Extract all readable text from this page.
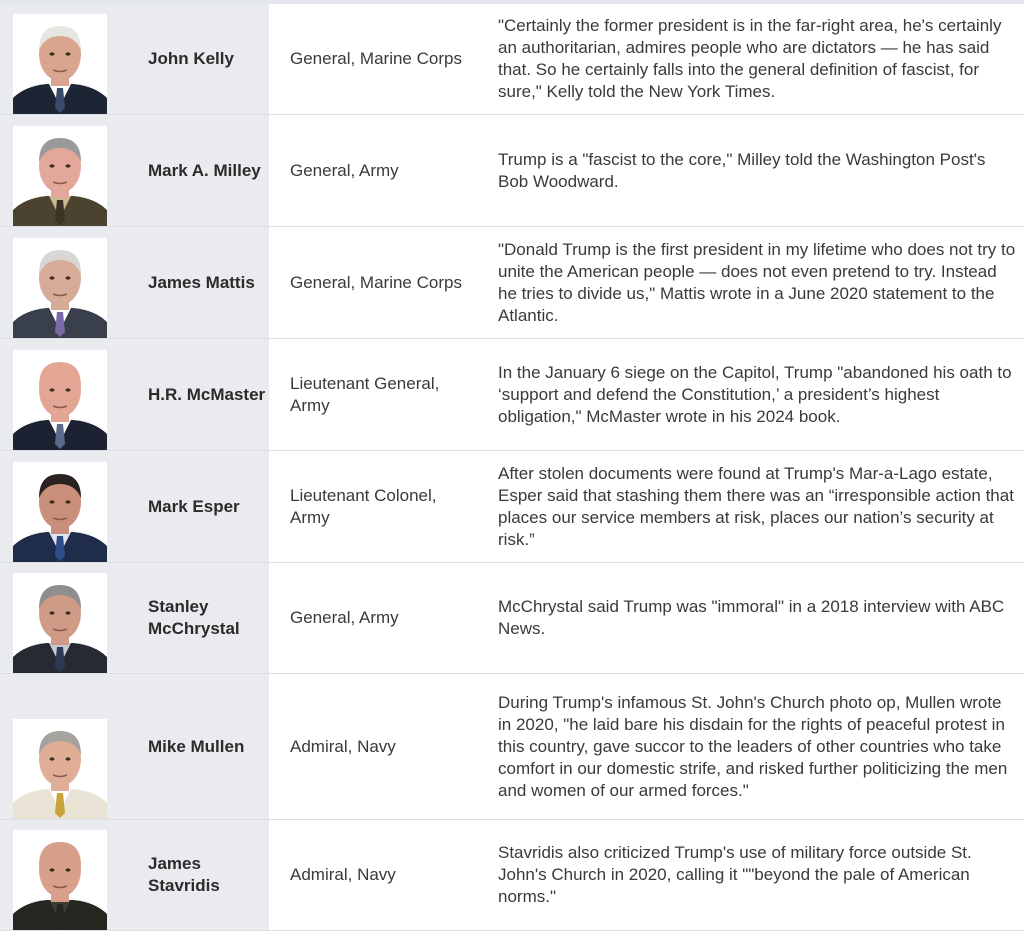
	John Kelly	General, Marine Corps	"Certainly the former president is in the far-right area, he's certainly an authoritarian, admires people who are dictators — he has said that. So he certainly falls into the general definition of fascist, for sure," Kelly told the New York Times.

	Mark A. Milley	General, Army	Trump is a "fascist to the core," Milley told the Washington Post's Bob Woodward.

	James Mattis	General, Marine Corps	"Donald Trump is the first president in my lifetime who does not try to unite the American people — does not even pretend to try. Instead he tries to divide us," Mattis wrote in a June 2020 statement to the Atlantic.

	H.R. McMaster	Lieutenant General, Army	In the January 6 siege on the Capitol, Trump "abandoned his oath to ‘support and defend the Constitution,’ a president’s highest obligation," McMaster wrote in his 2024 book.

	Mark Esper	Lieutenant Colonel, Army	After stolen documents were found at Trump's Mar-a-Lago estate, Esper said that stashing them there was an “irresponsible action that places our service members at risk, places our nation’s security at risk.”

	Stanley McChrystal	General, Army	McChrystal said Trump was "immoral" in a 2018 interview with ABC News.

	Mike Mullen	Admiral, Navy	During Trump's infamous St. John's Church photo op, Mullen wrote in 2020, "he laid bare his disdain for the rights of peaceful protest in this country, gave succor to the leaders of other countries who take comfort in our domestic strife, and risked further politicizing the men and women of our armed forces."

	James Stavridis	Admiral, Navy	Stavridis also criticized Trump's use of military force outside St. John's Church in 2020, calling it ""beyond the pale of American norms."
